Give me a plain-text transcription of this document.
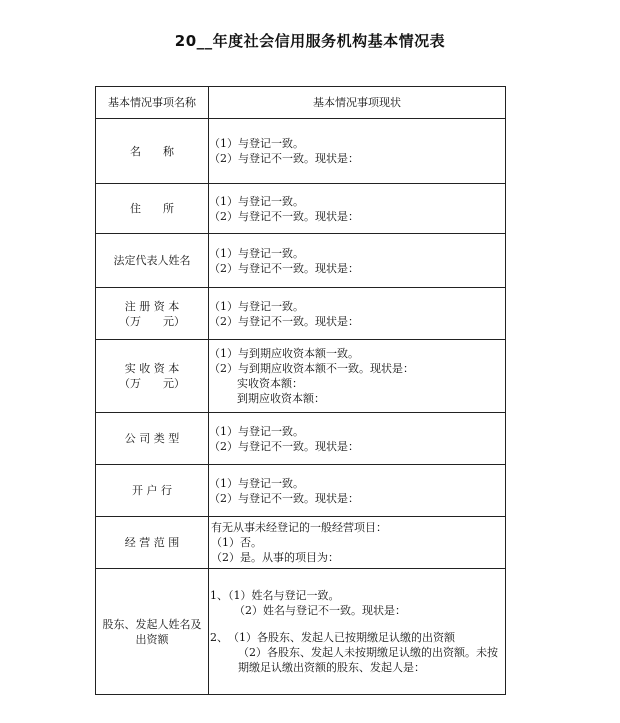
20__年度社会信用服务机构基本情况表
基本情况事项名称	基本情况事项现状

名　　称	（1）与登记一致。
（2）与登记不一致。现状是：

住　　所	（1）与登记一致。
（2）与登记不一致。现状是：

法定代表人姓名	（1）与登记一致。
（2）与登记不一致。现状是：

注 册 资 本
（万　　元）	（1）与登记一致。
（2）与登记不一致。现状是：

实 收 资 本
（万　　元）	（1）与到期应收资本额一致。
（2）与到期应收资本额不一致。现状是：
实收资本额：
到期应收资本额：

公 司 类 型	（1）与登记一致。
（2）与登记不一致。现状是：

开 户 行	（1）与登记一致。
（2）与登记不一致。现状是：

经 营 范 围	有无从事未经登记的一般经营项目：
（1）否。
（2）是。从事的项目为：

股东、发起人姓名及
出资额	1、（1）姓名与登记一致。
（2）姓名与登记不一致。现状是：
2、　（1）各股东、发起人已按期缴足认缴的出资额
（2）各股东、发起人未按期缴足认缴的出资额。未按
期缴足认缴出资额的股东、发起人是：
